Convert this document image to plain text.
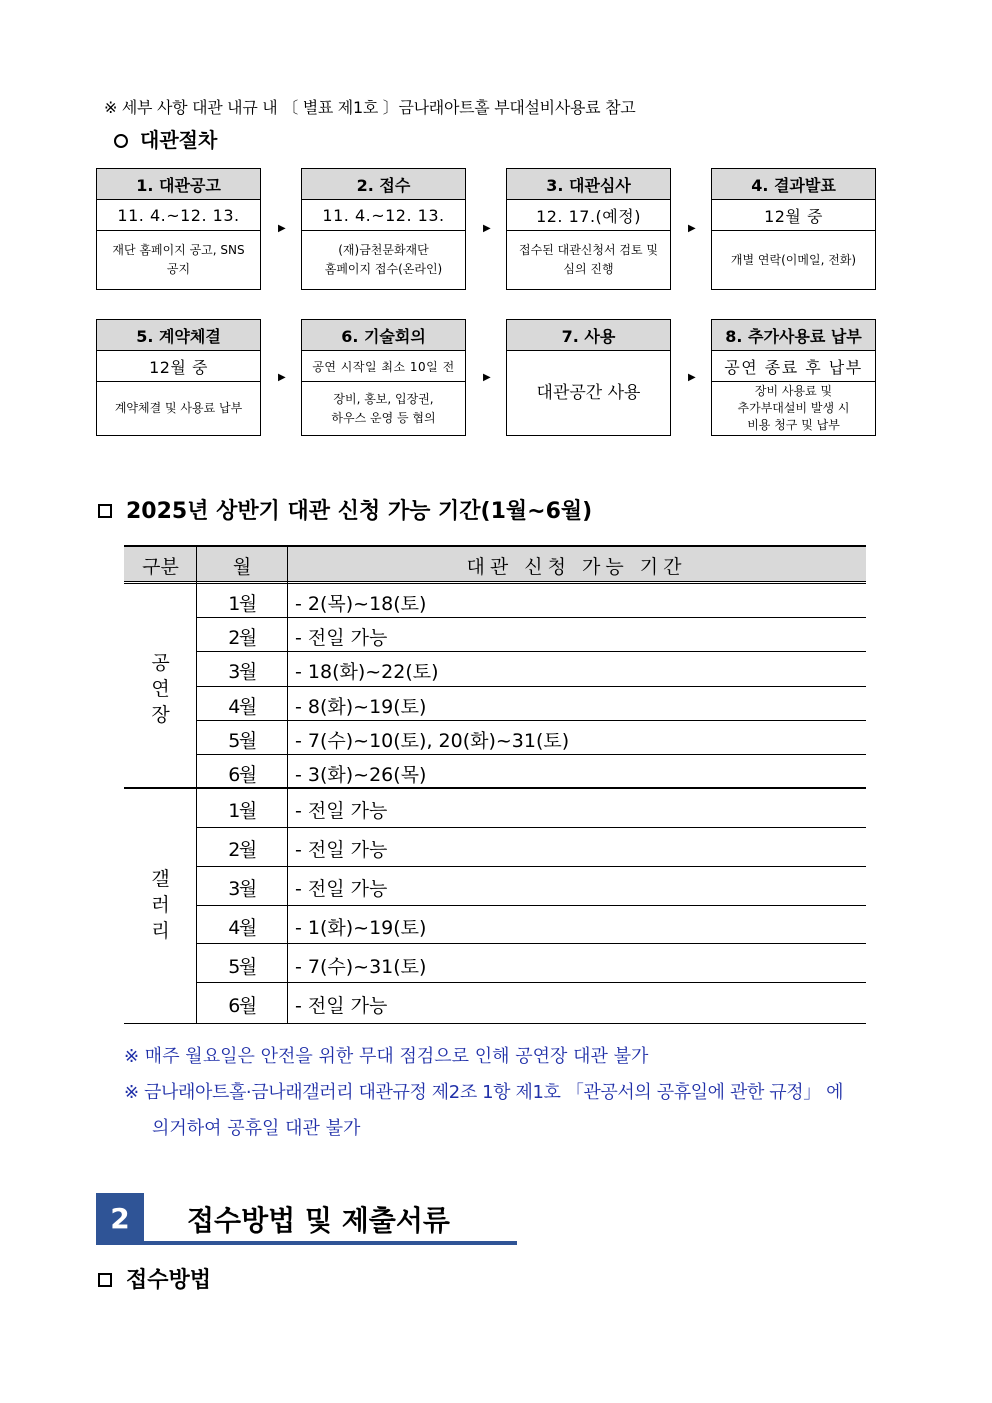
※ 세부 사항 대관 내규 내 〔 별표 제1호 〕금나래아트홀 부대설비사용료 참고
대관절차
1. 대관공고
11. 4.~12. 13.
재단 홈페이지 공고, SNS
공지
2. 접수
11. 4.~12. 13.
(재)금천문화재단
홈페이지 접수(온라인)
3. 대관심사
12. 17.(예정)
접수된 대관신청서 검토 및
심의 진행
4. 결과발표
12월 중
개별 연락(이메일, 전화)
▶	▶	▶
5. 계약체결
12월 중
계약체결 및 사용료 납부
6. 기술회의
공연 시작일 최소 10일 전
장비, 홍보, 입장권,
하우스 운영 등 협의
7. 사용
대관공간 사용
8. 추가사용료 납부
공연 종료 후 납부
장비 사용료 및
추가부대설비 발생 시
비용 청구 및 납부
▶	▶	▶
2025년 상반기 대관 신청 가능 기간(1월~6월)
구분	월	대관 신청 가능 기간
공연장
갤러리
1월	- 2(목)~18(토)
2월	- 전일 가능
3월	- 18(화)~22(토)
4월	- 8(화)~19(토)
5월	- 7(수)~10(토), 20(화)~31(토)
6월	- 3(화)~26(목)
1월	- 전일 가능
2월	- 전일 가능
3월	- 전일 가능
4월	- 1(화)~19(토)
5월	- 7(수)~31(토)
6월	- 전일 가능
※ 매주 월요일은 안전을 위한 무대 점검으로 인해 공연장 대관 불가
※ 금나래아트홀·금나래갤러리 대관규정 제2조 1항 제1호 「관공서의 공휴일에 관한 규정」 에
의거하여 공휴일 대관 불가
2	접수방법 및 제출서류
접수방법
